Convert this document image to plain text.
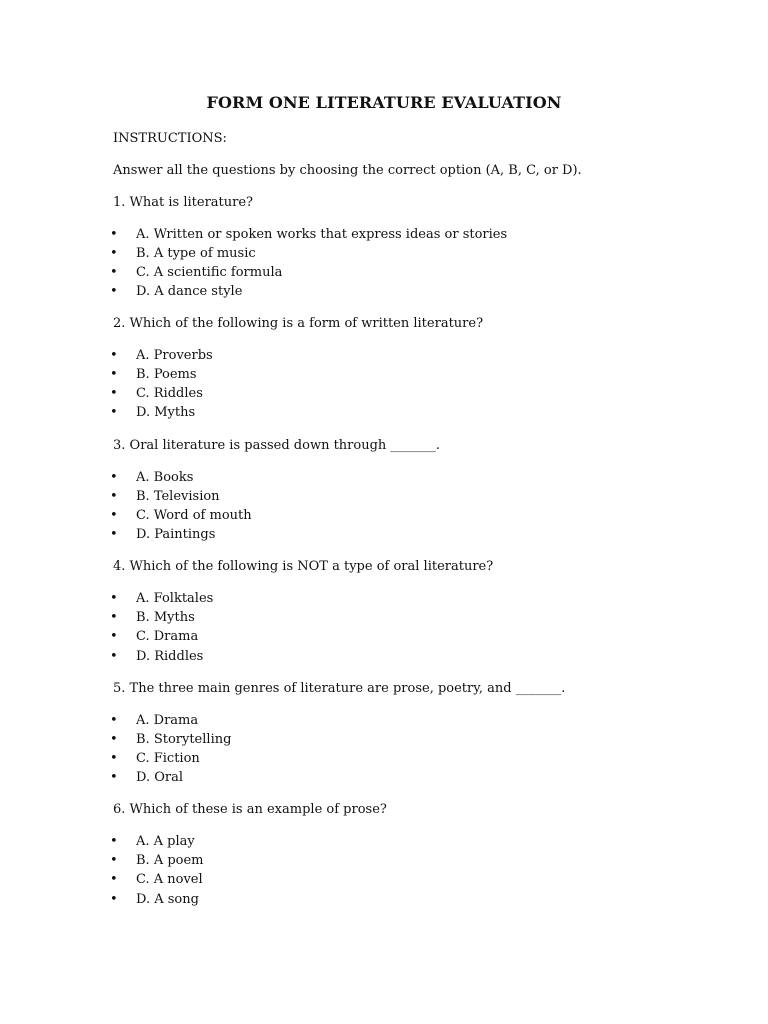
FORM ONE LITERATURE EVALUATION
INSTRUCTIONS:
Answer all the questions by choosing the correct option (A, B, C, or D).
1. What is literature?
• A. Written or spoken works that express ideas or stories
• B. A type of music
• C. A scientific formula
• D. A dance style
2. Which of the following is a form of written literature?
• A. Proverbs
• B. Poems
• C. Riddles
• D. Myths
3. Oral literature is passed down through _______.
• A. Books
• B. Television
• C. Word of mouth
• D. Paintings
4. Which of the following is NOT a type of oral literature?
• A. Folktales
• B. Myths
• C. Drama
• D. Riddles
5. The three main genres of literature are prose, poetry, and _______.
• A. Drama
• B. Storytelling
• C. Fiction
• D. Oral
6. Which of these is an example of prose?
• A. A play
• B. A poem
• C. A novel
• D. A song
